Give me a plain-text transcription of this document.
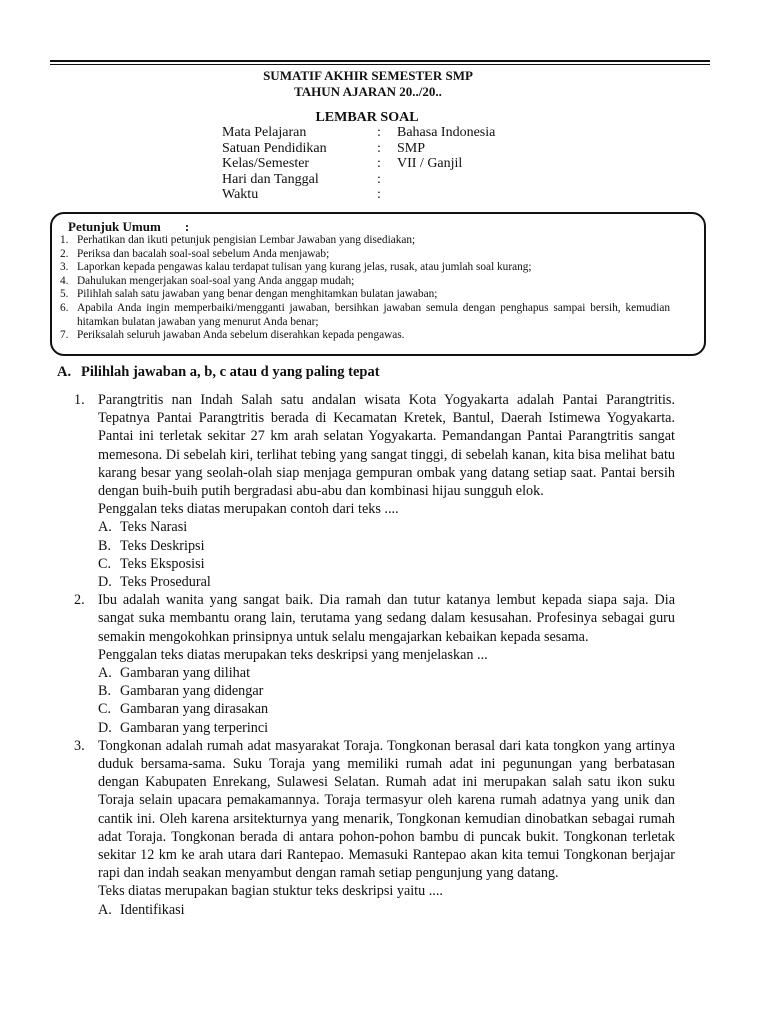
SUMATIF AKHIR SEMESTER SMP
TAHUN AJARAN 20../20..
LEMBAR SOAL
Mata Pelajaran	: Bahasa Indonesia
Satuan Pendidikan	: SMP
Kelas/Semester	: VII / Ganjil
Hari dan Tanggal	:
Waktu	:
Petunjuk Umum :
1. Perhatikan dan ikuti petunjuk pengisian Lembar Jawaban yang disediakan;
2. Periksa dan bacalah soal-soal sebelum Anda menjawab;
3. Laporkan kepada pengawas kalau terdapat tulisan yang kurang jelas, rusak, atau jumlah soal kurang;
4. Dahulukan mengerjakan soal-soal yang Anda anggap mudah;
5. Pilihlah salah satu jawaban yang benar dengan menghitamkan bulatan jawaban;
6. Apabila Anda ingin memperbaiki/mengganti jawaban, bersihkan jawaban semula dengan penghapus sampai bersih, kemudian hitamkan bulatan jawaban yang menurut Anda benar;
7. Periksalah seluruh jawaban Anda sebelum diserahkan kepada pengawas.
A. Pilihlah jawaban a, b, c atau d yang paling tepat
1. Parangtritis nan Indah Salah satu andalan wisata Kota Yogyakarta adalah Pantai Parangtritis. Tepatnya Pantai Parangtritis berada di Kecamatan Kretek, Bantul, Daerah Istimewa Yogyakarta. Pantai ini terletak sekitar 27 km arah selatan Yogyakarta. Pemandangan Pantai Parangtritis sangat memesona. Di sebelah kiri, terlihat tebing yang sangat tinggi, di sebelah kanan, kita bisa melihat batu karang besar yang seolah-olah siap menjaga gempuran ombak yang datang setiap saat. Pantai bersih dengan buih-buih putih bergradasi abu-abu dan kombinasi hijau sungguh elok.
Penggalan teks diatas merupakan contoh dari teks ....
A. Teks Narasi
B. Teks Deskripsi
C. Teks Eksposisi
D. Teks Prosedural
2. Ibu adalah wanita yang sangat baik. Dia ramah dan tutur katanya lembut kepada siapa saja. Dia sangat suka membantu orang lain, terutama yang sedang dalam kesusahan. Profesinya sebagai guru semakin mengokohkan prinsipnya untuk selalu mengajarkan kebaikan kepada sesama.
Penggalan teks diatas merupakan teks deskripsi yang menjelaskan ...
A. Gambaran yang dilihat
B. Gambaran yang didengar
C. Gambaran yang dirasakan
D. Gambaran yang terperinci
3. Tongkonan adalah rumah adat masyarakat Toraja. Tongkonan berasal dari kata tongkon yang artinya duduk bersama-sama. Suku Toraja yang memiliki rumah adat ini pegunungan yang berbatasan dengan Kabupaten Enrekang, Sulawesi Selatan. Rumah adat ini merupakan salah satu ikon suku Toraja selain upacara pemakamannya. Toraja termasyur oleh karena rumah adatnya yang unik dan cantik ini. Oleh karena arsitekturnya yang menarik, Tongkonan kemudian dinobatkan sebagai rumah adat Toraja. Tongkonan berada di antara pohon-pohon bambu di puncak bukit. Tongkonan terletak sekitar 12 km ke arah utara dari Rantepao. Memasuki Rantepao akan kita temui Tongkonan berjajar rapi dan indah seakan menyambut dengan ramah setiap pengunjung yang datang.
Teks diatas merupakan bagian stuktur teks deskripsi yaitu ....
A. Identifikasi
